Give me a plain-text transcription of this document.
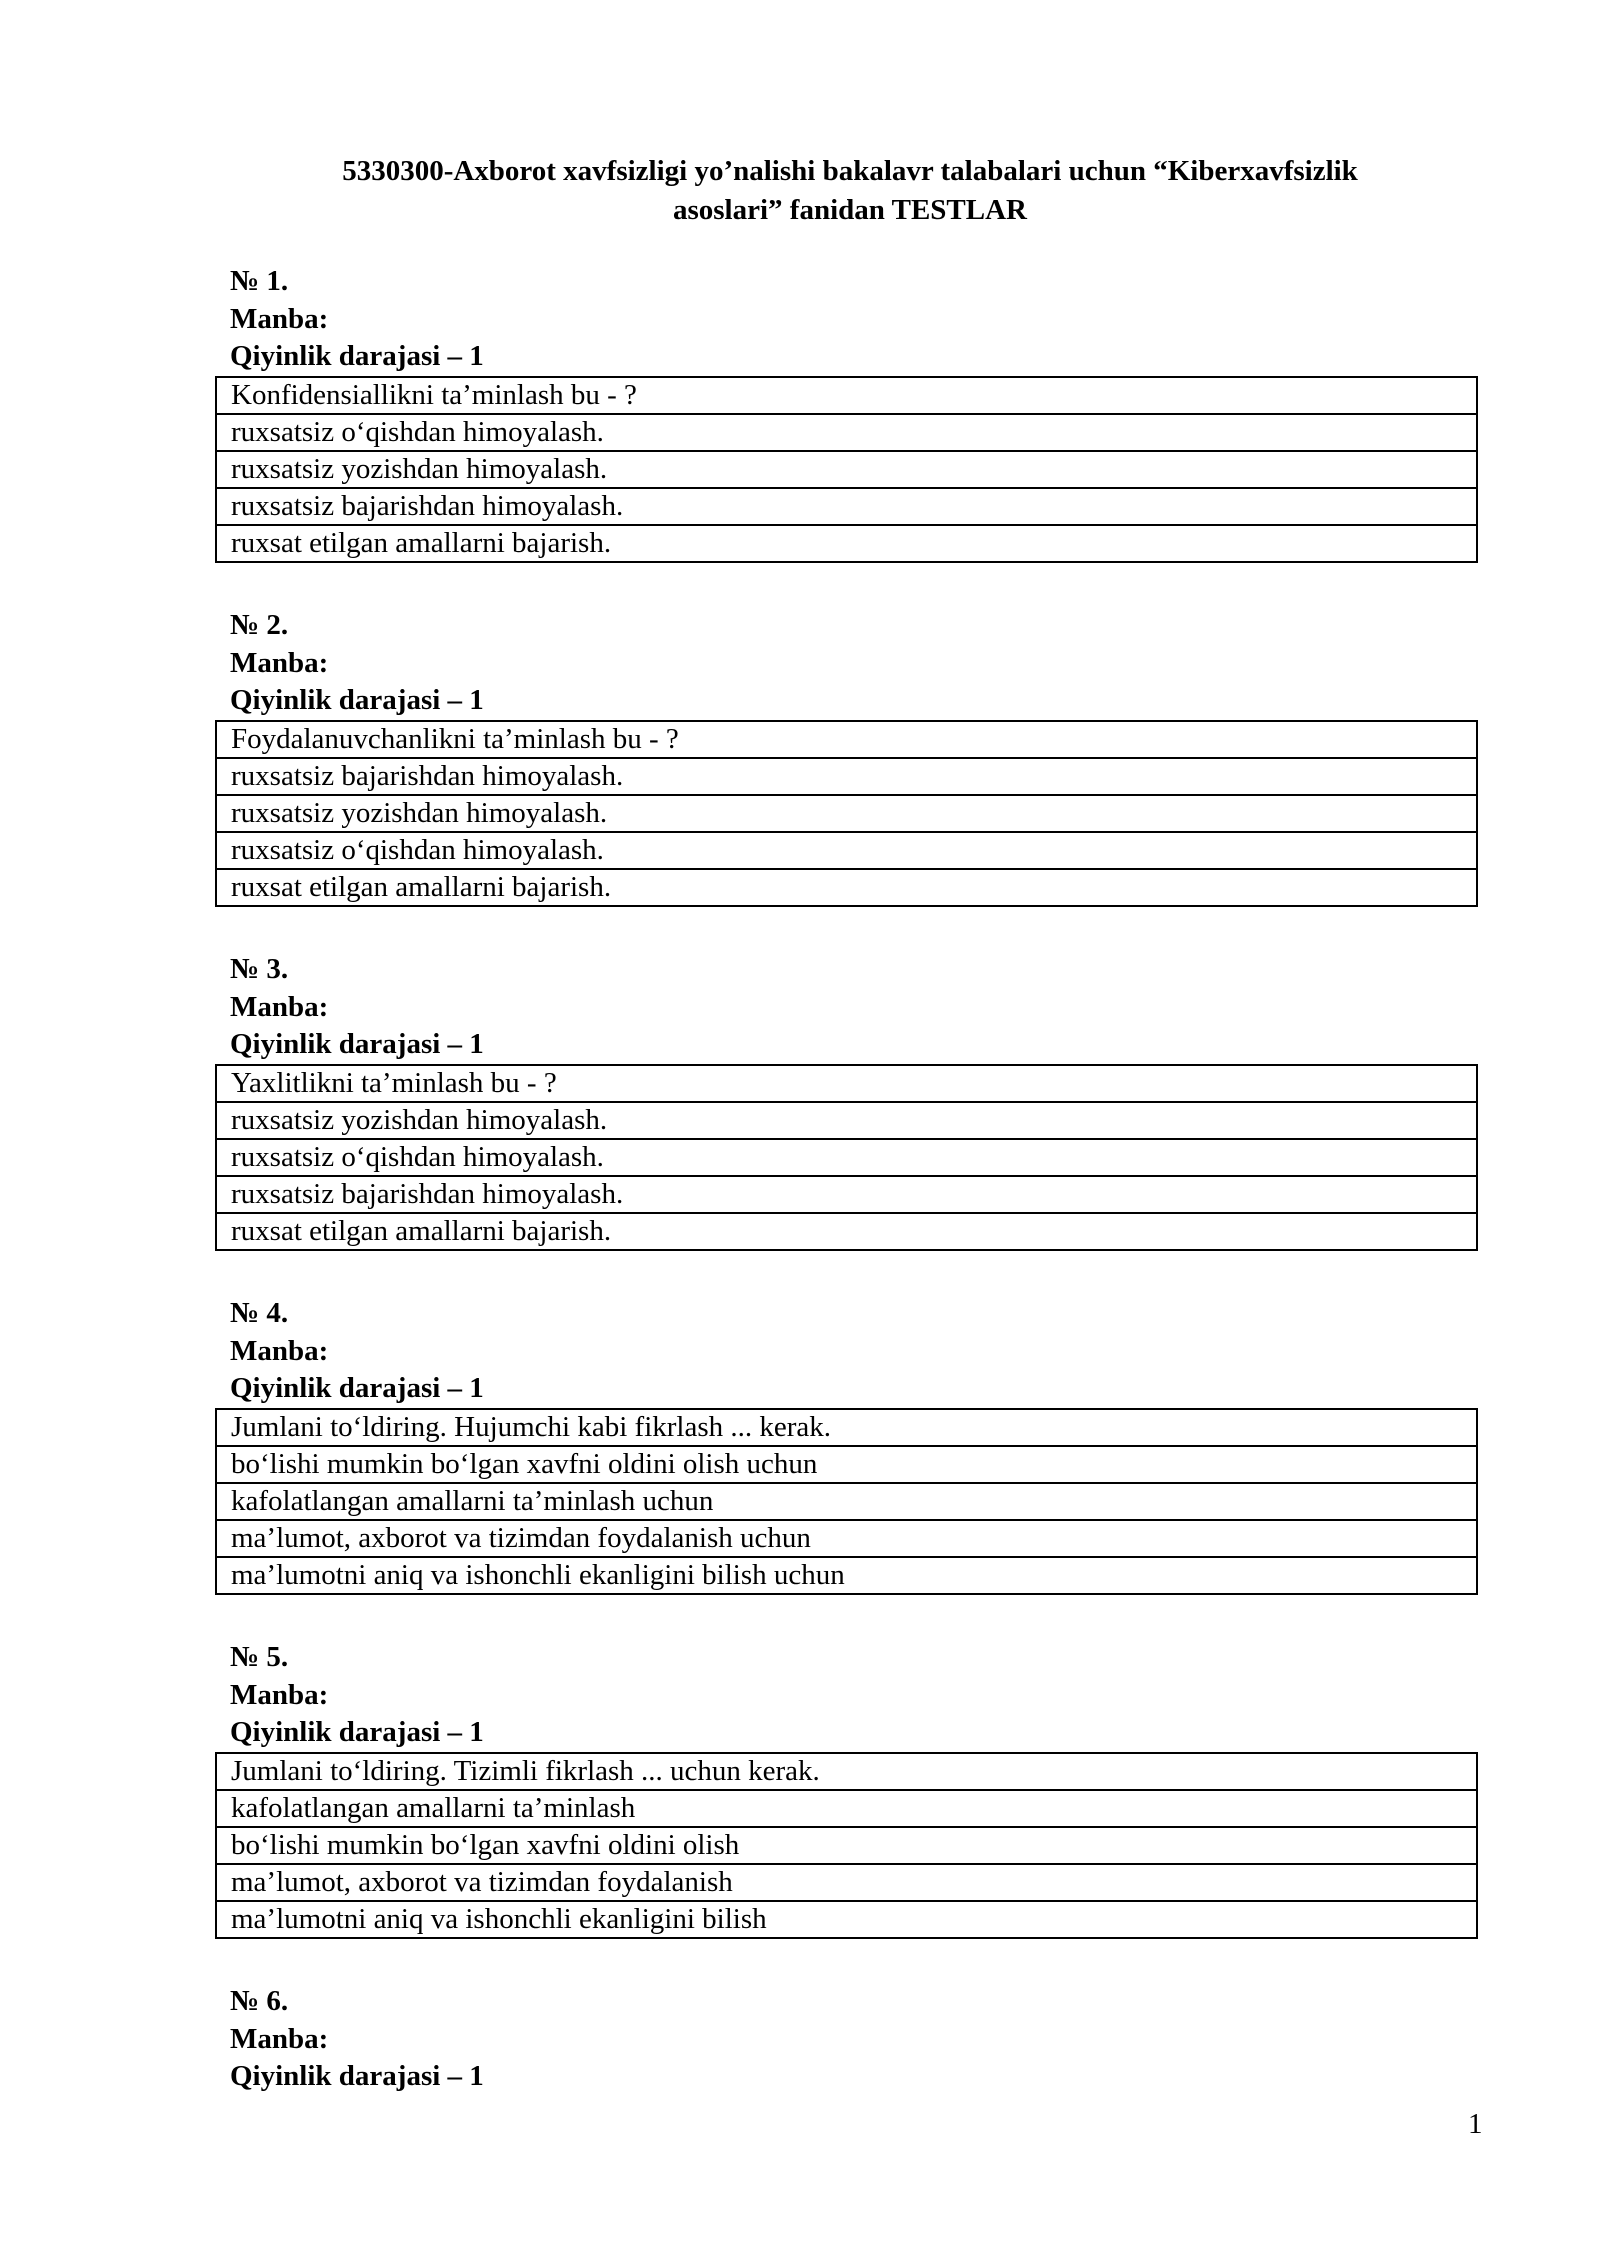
5330300-Axborot xavfsizligi yo’nalishi bakalavr talabalari uchun “Kiberxavfsizlik
asoslari” fanidan TESTLAR
№ 1.
Manba:
Qiyinlik darajasi – 1
Konfidensiallikni ta’minlash bu - ?
ruxsatsiz o‘qishdan himoyalash.
ruxsatsiz yozishdan himoyalash.
ruxsatsiz bajarishdan himoyalash.
ruxsat etilgan amallarni bajarish.
№ 2.
Manba:
Qiyinlik darajasi – 1
Foydalanuvchanlikni ta’minlash bu - ?
ruxsatsiz bajarishdan himoyalash.
ruxsatsiz yozishdan himoyalash.
ruxsatsiz o‘qishdan himoyalash.
ruxsat etilgan amallarni bajarish.
№ 3.
Manba:
Qiyinlik darajasi – 1
Yaxlitlikni ta’minlash bu - ?
ruxsatsiz yozishdan himoyalash.
ruxsatsiz o‘qishdan himoyalash.
ruxsatsiz bajarishdan himoyalash.
ruxsat etilgan amallarni bajarish.
№ 4.
Manba:
Qiyinlik darajasi – 1
Jumlani to‘ldiring. Hujumchi kabi fikrlash ... kerak.
bo‘lishi mumkin bo‘lgan xavfni oldini olish uchun
kafolatlangan amallarni ta’minlash uchun
ma’lumot, axborot va tizimdan foydalanish uchun
ma’lumotni aniq va ishonchli ekanligini bilish uchun
№ 5.
Manba:
Qiyinlik darajasi – 1
Jumlani to‘ldiring. Tizimli fikrlash ... uchun kerak.
kafolatlangan amallarni ta’minlash
bo‘lishi mumkin bo‘lgan xavfni oldini olish
ma’lumot, axborot va tizimdan foydalanish
ma’lumotni aniq va ishonchli ekanligini bilish
№ 6.
Manba:
Qiyinlik darajasi – 1
1
